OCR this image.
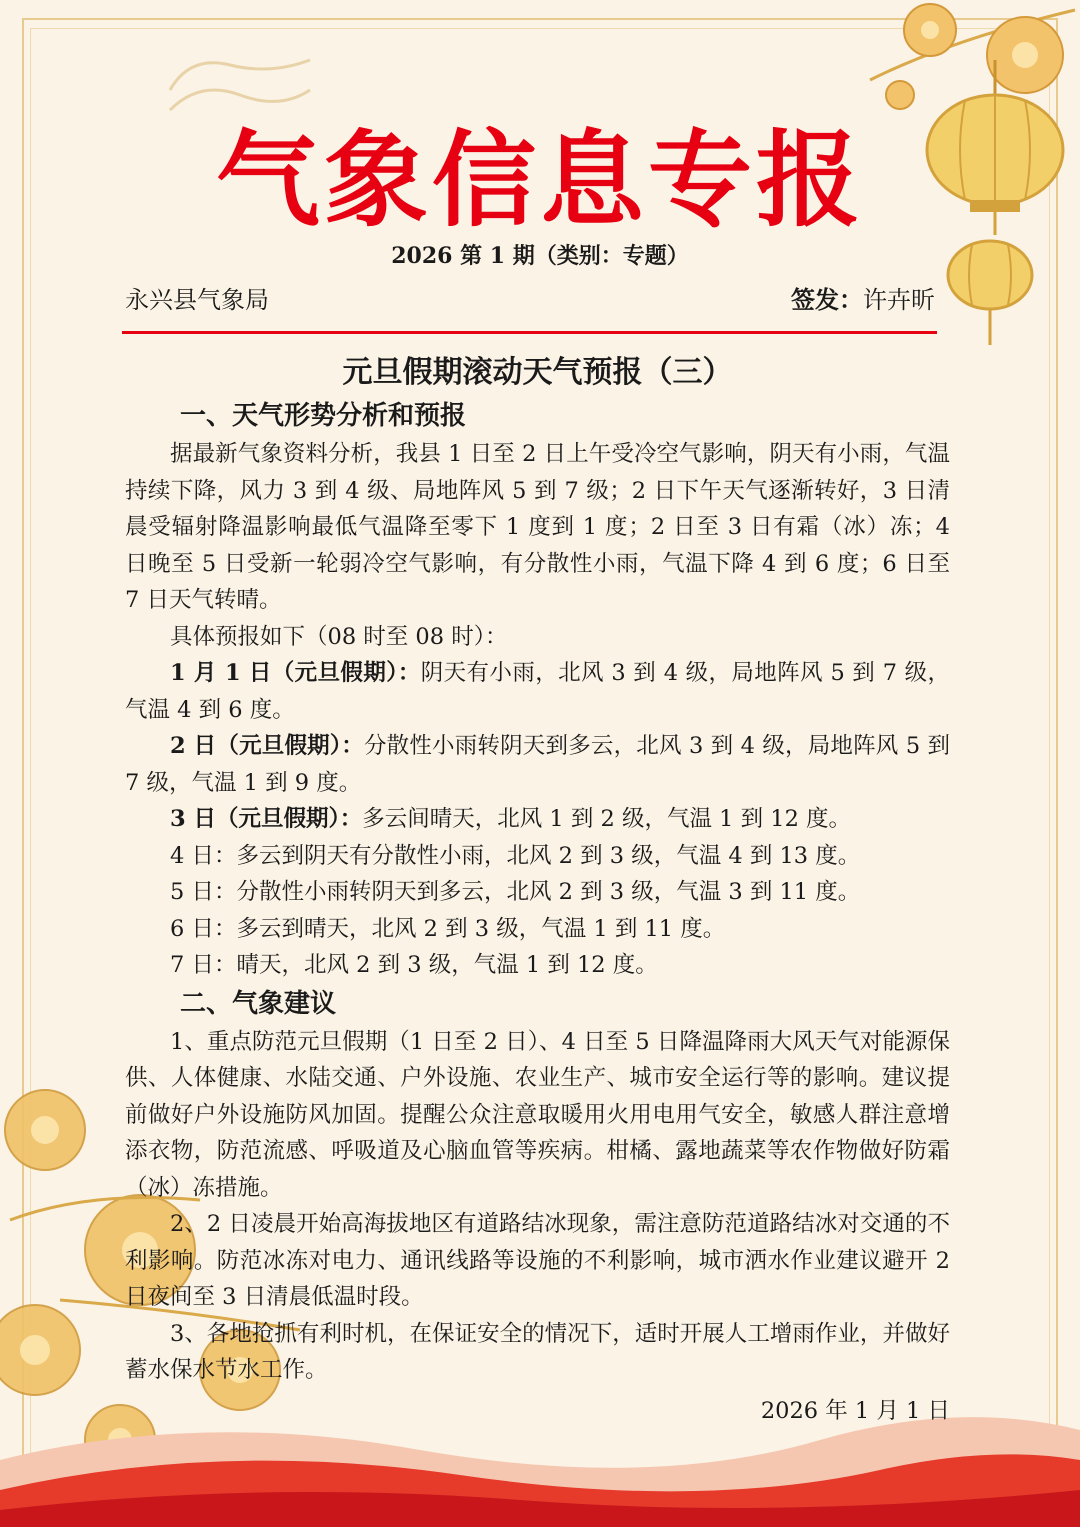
气象信息专报
2026 第 1 期（类别：专题）
永兴县气象局	签发：许卉昕
元旦假期滚动天气预报（三）
一、天气形势分析和预报

据最新气象资料分析，我县 1 日至 2 日上午受冷空气影响，阴天有小雨，气温持续下降，风力 3 到 4 级、局地阵风 5 到 7 级；2 日下午天气逐渐转好，3 日清晨受辐射降温影响最低气温降至零下 1 度到 1 度；2 日至 3 日有霜（冰）冻；4 日晚至 5 日受新一轮弱冷空气影响，有分散性小雨，气温下降 4 到 6 度；6 日至 7 日天气转晴。

具体预报如下（08 时至 08 时）：

1 月 1 日（元旦假期）：阴天有小雨，北风 3 到 4 级，局地阵风 5 到 7 级，气温 4 到 6 度。

2 日（元旦假期）：分散性小雨转阴天到多云，北风 3 到 4 级，局地阵风 5 到 7 级，气温 1 到 9 度。

3 日（元旦假期）：多云间晴天，北风 1 到 2 级，气温 1 到 12 度。

4 日：多云到阴天有分散性小雨，北风 2 到 3 级，气温 4 到 13 度。

5 日：分散性小雨转阴天到多云，北风 2 到 3 级，气温 3 到 11 度。

6 日：多云到晴天，北风 2 到 3 级，气温 1 到 11 度。

7 日：晴天，北风 2 到 3 级，气温 1 到 12 度。

二、气象建议

1、重点防范元旦假期（1 日至 2 日）、4 日至 5 日降温降雨大风天气对能源保供、人体健康、水陆交通、户外设施、农业生产、城市安全运行等的影响。建议提前做好户外设施防风加固。提醒公众注意取暖用火用电用气安全，敏感人群注意增添衣物，防范流感、呼吸道及心脑血管等疾病。柑橘、露地蔬菜等农作物做好防霜（冰）冻措施。

2、2 日凌晨开始高海拔地区有道路结冰现象，需注意防范道路结冰对交通的不利影响。防范冰冻对电力、通讯线路等设施的不利影响，城市洒水作业建议避开 2 日夜间至 3 日清晨低温时段。

3、各地抢抓有利时机，在保证安全的情况下，适时开展人工增雨作业，并做好蓄水保水节水工作。

2026 年 1 月 1 日
